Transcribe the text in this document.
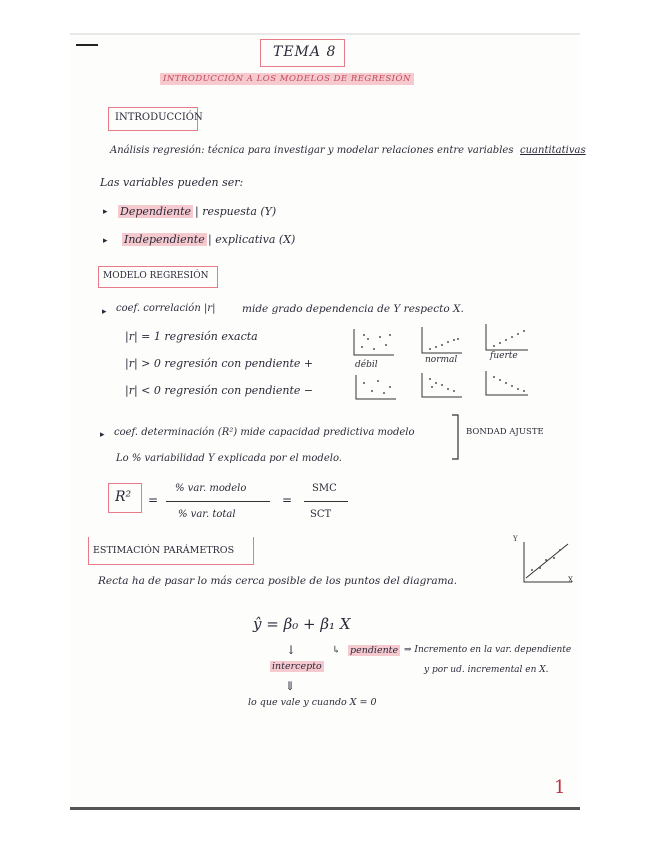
TEMA 8
INTRODUCCIÓN A LOS MODELOS DE REGRESIÓN
INTRODUCCIÓN
Análisis regresión: técnica para investigar y modelar relaciones entre variables cuantitativas
Las variables pueden ser:
▸ Dependiente | respuesta (Y)
▸ Independiente | explicativa (X)
MODELO REGRESIÓN
▸ coef. correlación |r|	mide grado dependencia de Y respecto X.
|r| = 1 regresión exacta
|r| > 0 regresión con pendiente +
|r| < 0 regresión con pendiente −
débil	normal	fuerte
▸ coef. determinación (R²) mide capacidad predictiva modelo
Lo % variabilidad Y explicada por el modelo.
BONDAD AJUSTE
R² =
% var. modelo
% var. total
=
SMC
SCT
ESTIMACIÓN PARÁMETROS
Recta ha de pasar lo más cerca posible de los puntos del diagrama.
Y
X
ŷ = β₀ + β₁ X
↳ pendiente ⇒ Incremento en la var. dependiente
y por ud. incremental en X.
↓
intercepto
⇓
lo que vale y cuando X = 0
1
